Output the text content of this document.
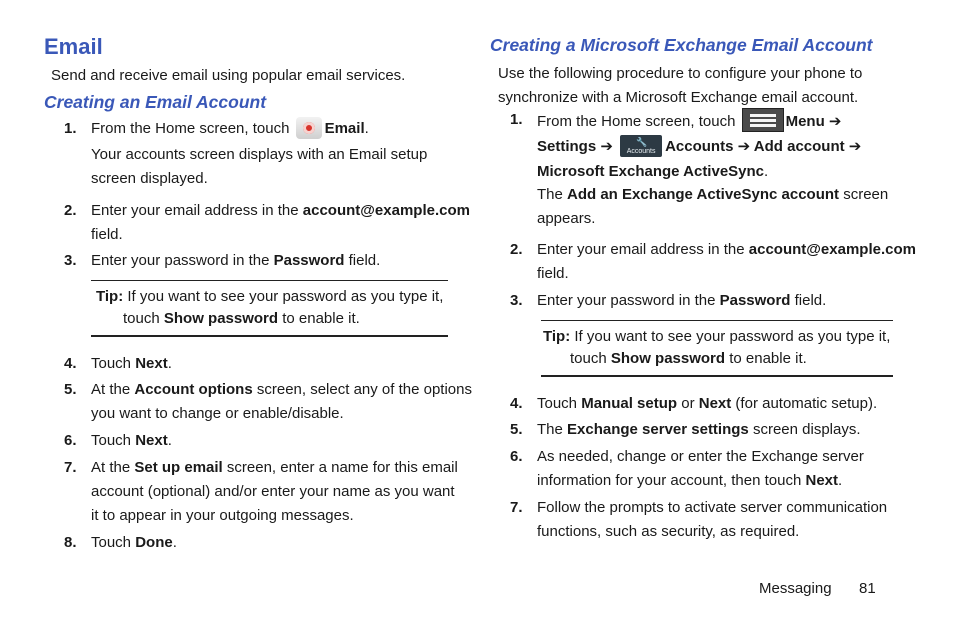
Email
Send and receive email using popular email services.
Creating an Email Account
1. From the Home screen, touch Email.
Your accounts screen displays with an Email setup
screen displayed.
2. Enter your email address in the account@example.com
field.
3. Enter your password in the Password field.
Tip: If you want to see your password as you type it,
touch Show password to enable it.
4. Touch Next.
5. At the Account options screen, select any of the options
you want to change or enable/disable.
6. Touch Next.
7. At the Set up email screen, enter a name for this email
account (optional) and/or enter your name as you want
it to appear in your outgoing messages.
8. Touch Done.
Creating a Microsoft Exchange Email Account
Use the following procedure to configure your phone to
synchronize with a Microsoft Exchange email account.
1. From the Home screen, touch	Menu ➔
Settings ➔ 🔧
Accounts Accounts ➔ Add account ➔
Microsoft Exchange ActiveSync.
The Add an Exchange ActiveSync account screen
appears.
2. Enter your email address in the account@example.com
field.
3. Enter your password in the Password field.
Tip: If you want to see your password as you type it,
touch Show password to enable it.
4. Touch Manual setup or Next (for automatic setup).
5. The Exchange server settings screen displays.
6. As needed, change or enter the Exchange server
information for your account, then touch Next.
7. Follow the prompts to activate server communication
functions, such as security, as required.
Messaging 81
